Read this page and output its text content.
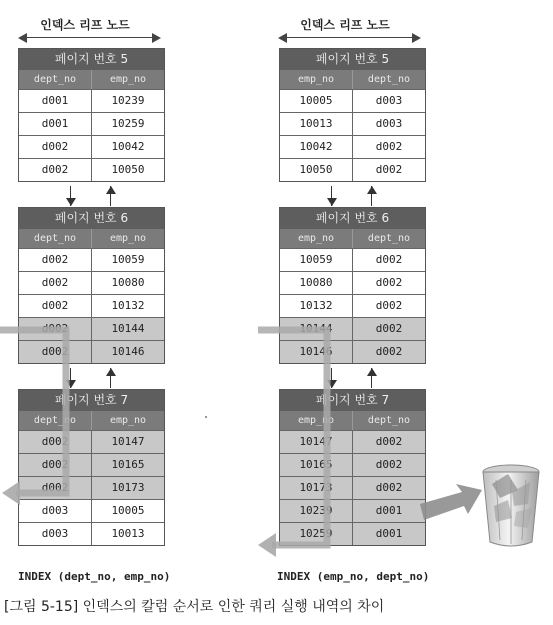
인덱스 리프 노드	인덱스 리프 노드
페이지 번호 5
dept_no	emp_no
d001	10239
d001	10259
d002	10042
d002	10050
페이지 번호 6
dept_no	emp_no
d002	10059
d002	10080
d002	10132
d002	10144
d002	10146
페이지 번호 7
dept_no	emp_no
d002	10147
d002	10165
d002	10173
d003	10005
d003	10013
페이지 번호 5
emp_no	dept_no
10005	d003
10013	d003
10042	d002
10050	d002
페이지 번호 6
emp_no	dept_no
10059	d002
10080	d002
10132	d002
10144	d002
10146	d002
페이지 번호 7
emp_no	dept_no
10147	d002
10165	d002
10173	d002
10239	d001
10259	d001
INDEX (dept_no, emp_no)	INDEX (emp_no, dept_no)
[그림 5-15] 인덱스의 칼럼 순서로 인한 쿼리 실행 내역의 차이
